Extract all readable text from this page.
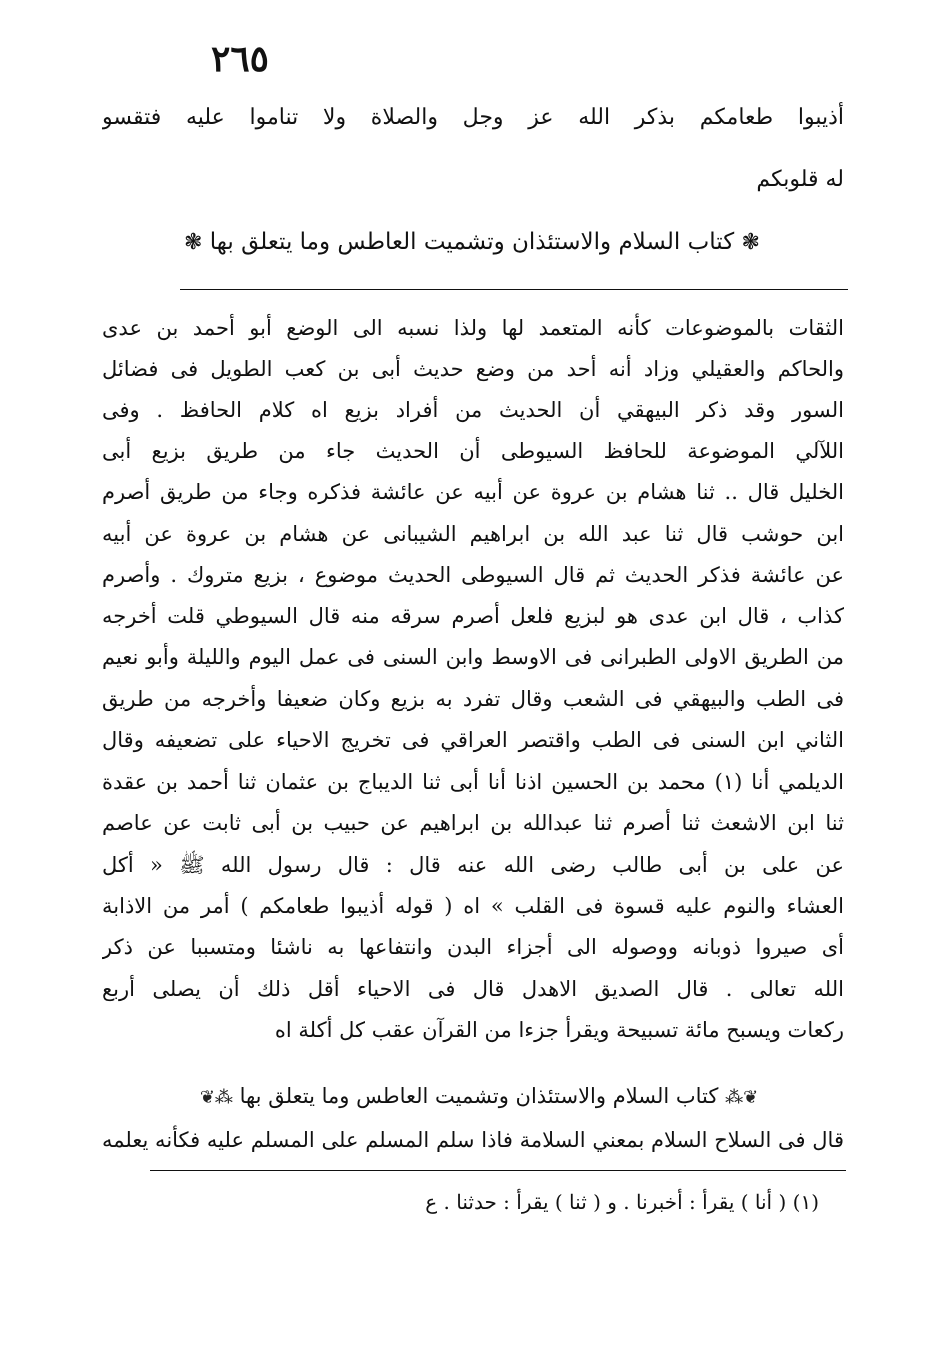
٢٦٥
أذيبوا طعامكم بذكر الله عز وجل والصلاة ولا تناموا عليه فتقسو
له قلوبكم
❃ كتاب السلام والاستئذان وتشميت العاطس وما يتعلق بها ❃
الثقات بالموضوعات كأنه المتعمد لها ولذا نسبه الى الوضع أبو أحمد بن عدى
والحاكم والعقيلي وزاد أنه أحد من وضع حديث أبى بن كعب الطويل فى فضائل
السور وقد ذكر البيهقي أن الحديث من أفراد بزيع اه كلام الحافظ . وفى
اللآلي الموضوعة للحافظ السيوطى أن الحديث جاء من طريق بزيع أبى
الخليل قال .. ثنا هشام بن عروة عن أبيه عن عائشة فذكره وجاء من طريق أصرم
ابن حوشب قال ثنا عبد الله بن ابراهيم الشيبانى عن هشام بن عروة عن أبيه
عن عائشة فذكر الحديث ثم قال السيوطى الحديث موضوع ، بزيع متروك . وأصرم
كذاب ، قال ابن عدى هو لبزيع فلعل أصرم سرقه منه قال السيوطي قلت أخرجه
من الطريق الاولى الطبرانى فى الاوسط وابن السنى فى عمل اليوم والليلة وأبو نعيم
فى الطب والبيهقي فى الشعب وقال تفرد به بزيع وكان ضعيفا وأخرجه من طريق
الثاني ابن السنى فى الطب واقتصر العراقي فى تخريج الاحياء على تضعيفه وقال
الديلمي أنا (١) محمد بن الحسين اذنا أنا أبى ثنا الديباج بن عثمان ثنا أحمد بن عقدة
ثنا ابن الاشعث ثنا أصرم ثنا عبدالله بن ابراهيم عن حبيب بن أبى ثابت عن عاصم
عن على بن أبى طالب رضى الله عنه قال : قال رسول الله ﷺ « أكل
العشاء والنوم عليه قسوة فى القلب » اه ( قوله أذيبوا طعامكم ) أمر من الاذابة
أى صيروا ذوبانه ووصوله الى أجزاء البدن وانتفاعها به ناشئا ومتسببا عن ذكر
الله تعالى . قال الصديق الاهدل قال فى الاحياء أقل ذلك أن يصلى أربع
ركعات ويسبح مائة تسبيحة ويقرأ جزءا من القرآن عقب كل أكلة اه
❦⁂ كتاب السلام والاستئذان وتشميت العاطس وما يتعلق بها ⁂❦
قال فى السلاح السلام بمعني السلامة فاذا سلم المسلم على المسلم عليه فكأنه يعلمه
(١) ( أنا ) يقرأ : أخبرنا . و ( ثنا ) يقرأ : حدثنا . ع
